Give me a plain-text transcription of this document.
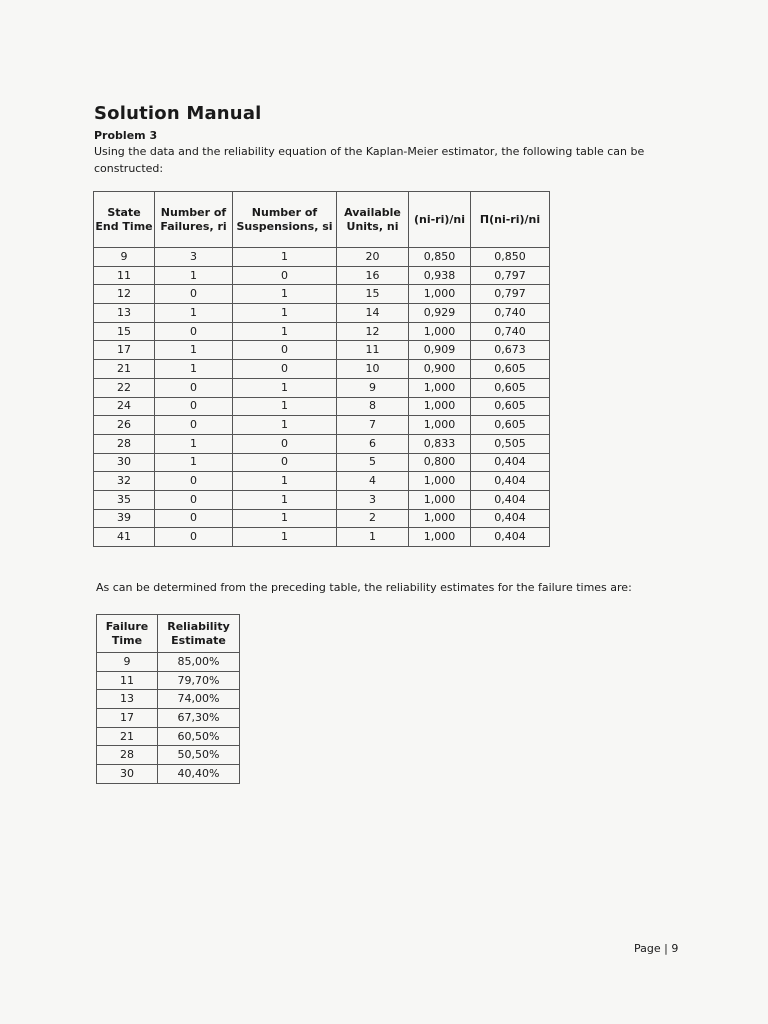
Solution Manual
Problem 3
Using the data and the reliability equation of the Kaplan-Meier estimator, the following table can be constructed:
State End Time	Number of Failures, ri	Number of Suspensions, si	Available Units, ni	(ni-ri)/ni	Π(ni-ri)/ni
9	3	1	20	0,850	0,850
11	1	0	16	0,938	0,797
12	0	1	15	1,000	0,797
13	1	1	14	0,929	0,740
15	0	1	12	1,000	0,740
17	1	0	11	0,909	0,673
21	1	0	10	0,900	0,605
22	0	1	9	1,000	0,605
24	0	1	8	1,000	0,605
26	0	1	7	1,000	0,605
28	1	0	6	0,833	0,505
30	1	0	5	0,800	0,404
32	0	1	4	1,000	0,404
35	0	1	3	1,000	0,404
39	0	1	2	1,000	0,404
41	0	1	1	1,000	0,404
As can be determined from the preceding table, the reliability estimates for the failure times are:
Failure Time	Reliability Estimate
9	85,00%
11	79,70%
13	74,00%
17	67,30%
21	60,50%
28	50,50%
30	40,40%
Page | 9
